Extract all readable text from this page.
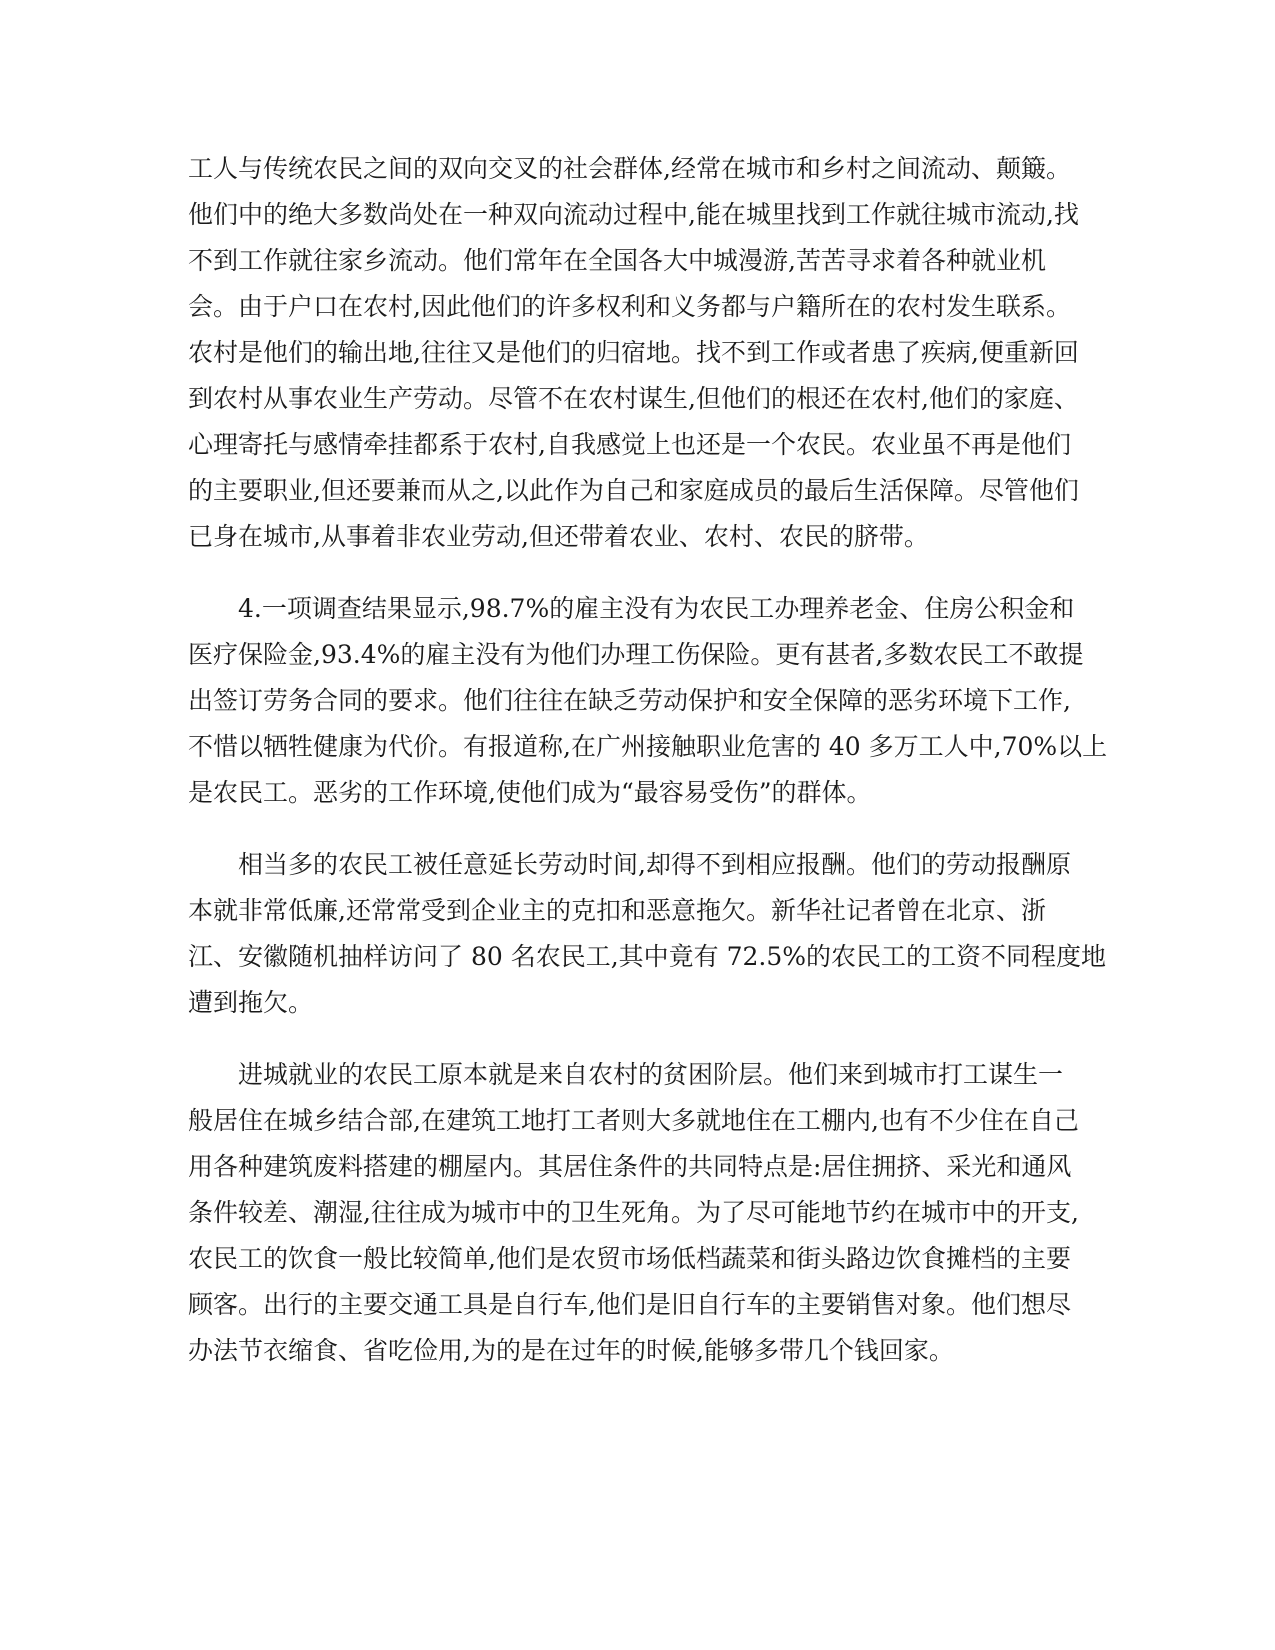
工人与传统农民之间的双向交叉的社会群体,经常在城市和乡村之间流动、颠簸。
他们中的绝大多数尚处在一种双向流动过程中,能在城里找到工作就往城市流动,找
不到工作就往家乡流动。他们常年在全国各大中城漫游,苦苦寻求着各种就业机
会。由于户口在农村,因此他们的许多权利和义务都与户籍所在的农村发生联系。
农村是他们的输出地,往往又是他们的归宿地。找不到工作或者患了疾病,便重新回
到农村从事农业生产劳动。尽管不在农村谋生,但他们的根还在农村,他们的家庭、
心理寄托与感情牵挂都系于农村,自我感觉上也还是一个农民。农业虽不再是他们
的主要职业,但还要兼而从之,以此作为自己和家庭成员的最后生活保障。尽管他们
已身在城市,从事着非农业劳动,但还带着农业、农村、农民的脐带。
4.一项调查结果显示,98.7%的雇主没有为农民工办理养老金、住房公积金和
医疗保险金,93.4%的雇主没有为他们办理工伤保险。更有甚者,多数农民工不敢提
出签订劳务合同的要求。他们往往在缺乏劳动保护和安全保障的恶劣环境下工作,
不惜以牺牲健康为代价。有报道称,在广州接触职业危害的 40 多万工人中,70%以上
是农民工。恶劣的工作环境,使他们成为“最容易受伤”的群体。
相当多的农民工被任意延长劳动时间,却得不到相应报酬。他们的劳动报酬原
本就非常低廉,还常常受到企业主的克扣和恶意拖欠。新华社记者曾在北京、浙
江、安徽随机抽样访问了 80 名农民工,其中竟有 72.5%的农民工的工资不同程度地
遭到拖欠。
进城就业的农民工原本就是来自农村的贫困阶层。他们来到城市打工谋生一
般居住在城乡结合部,在建筑工地打工者则大多就地住在工棚内,也有不少住在自己
用各种建筑废料搭建的棚屋内。其居住条件的共同特点是:居住拥挤、采光和通风
条件较差、潮湿,往往成为城市中的卫生死角。为了尽可能地节约在城市中的开支,
农民工的饮食一般比较简单,他们是农贸市场低档蔬菜和街头路边饮食摊档的主要
顾客。出行的主要交通工具是自行车,他们是旧自行车的主要销售对象。他们想尽
办法节衣缩食、省吃俭用,为的是在过年的时候,能够多带几个钱回家。
